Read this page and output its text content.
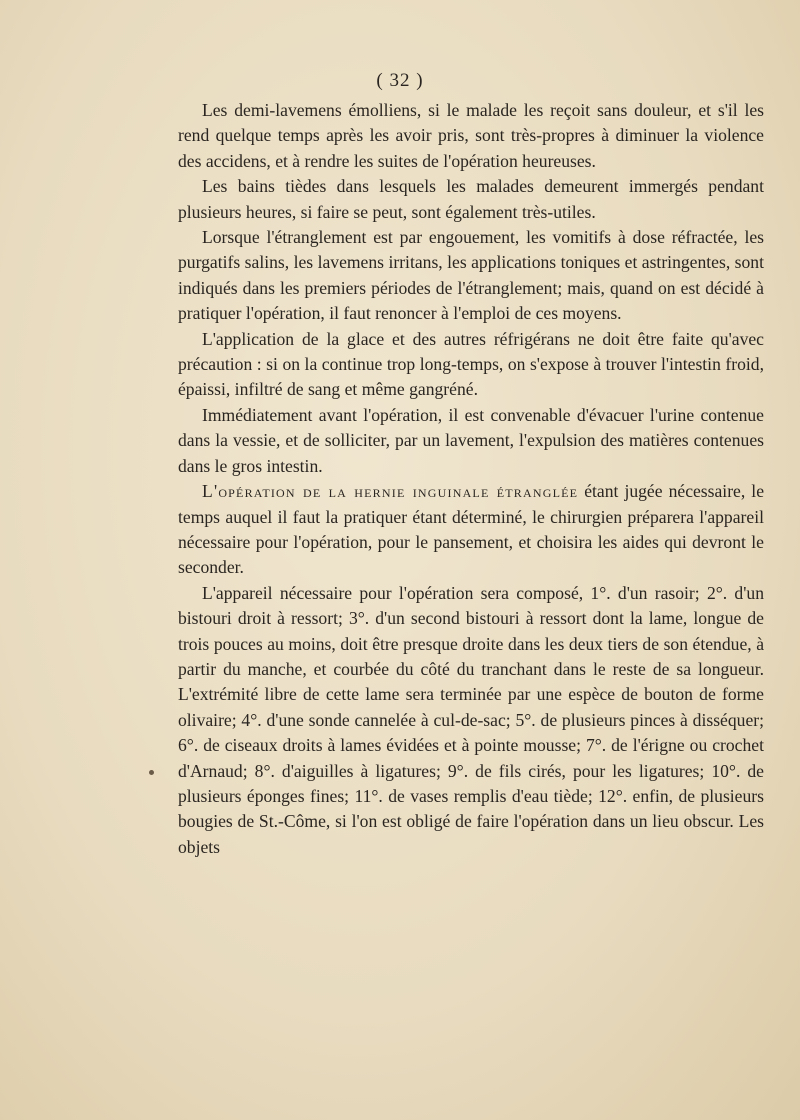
( 32 )

Les demi-lavemens émolliens, si le malade les reçoit sans douleur, et s'il les rend quelque temps après les avoir pris, sont très-propres à diminuer la violence des accidens, et à rendre les suites de l'opération heureuses.

Les bains tièdes dans lesquels les malades demeurent immergés pendant plusieurs heures, si faire se peut, sont également très-utiles.

Lorsque l'étranglement est par engouement, les vomitifs à dose réfractée, les purgatifs salins, les lavemens irritans, les applications toniques et astringentes, sont indiqués dans les premiers périodes de l'étranglement; mais, quand on est décidé à pratiquer l'opération, il faut renoncer à l'emploi de ces moyens.

L'application de la glace et des autres réfrigérans ne doit être faite qu'avec précaution : si on la continue trop long-temps, on s'expose à trouver l'intestin froid, épaissi, infiltré de sang et même gangréné.

Immédiatement avant l'opération, il est convenable d'évacuer l'urine contenue dans la vessie, et de solliciter, par un lavement, l'expulsion des matières contenues dans le gros intestin.

L'opération de la hernie inguinale étranglée étant jugée nécessaire, le temps auquel il faut la pratiquer étant déterminé, le chirurgien préparera l'appareil nécessaire pour l'opération, pour le pansement, et choisira les aides qui devront le seconder.

L'appareil nécessaire pour l'opération sera composé, 1°. d'un rasoir; 2°. d'un bistouri droit à ressort; 3°. d'un second bistouri à ressort dont la lame, longue de trois pouces au moins, doit être presque droite dans les deux tiers de son étendue, à partir du manche, et courbée du côté du tranchant dans le reste de sa longueur. L'extrémité libre de cette lame sera terminée par une espèce de bouton de forme olivaire; 4°. d'une sonde cannelée à cul-de-sac; 5°. de plusieurs pinces à disséquer; 6°. de ciseaux droits à lames évidées et à pointe mousse; 7°. de l'érigne ou crochet d'Arnaud; 8°. d'aiguilles à ligatures; 9°. de fils cirés, pour les ligatures; 10°. de plusieurs éponges fines; 11°. de vases remplis d'eau tiède; 12°. enfin, de plusieurs bougies de St.-Côme, si l'on est obligé de faire l'opération dans un lieu obscur. Les objets
